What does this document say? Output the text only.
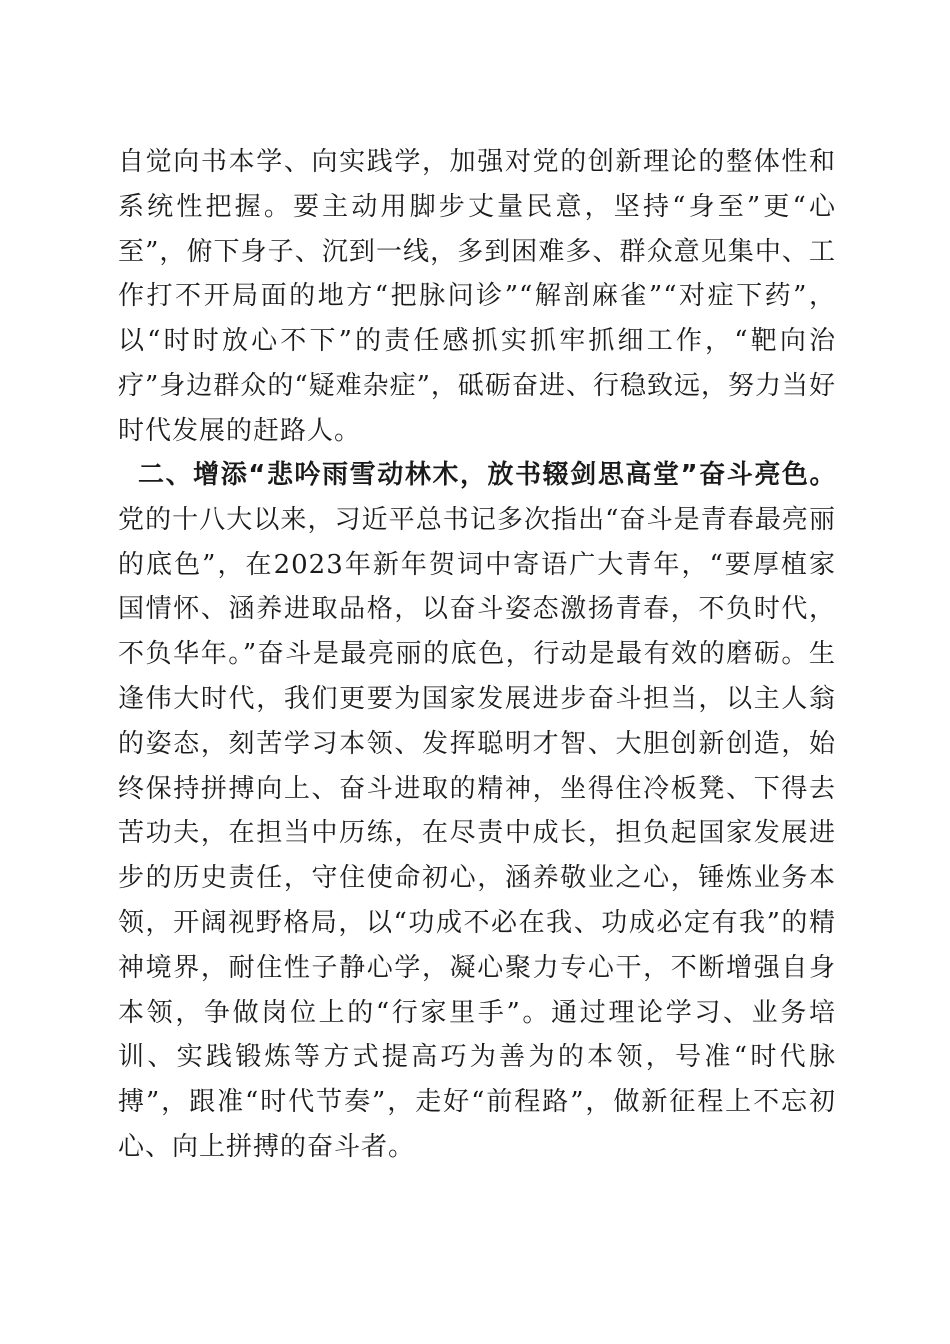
自觉向书本学、向实践学，加强对党的创新理论的整体性和系统性把握。要主动用脚步丈量民意，坚持“身至”更“心至”，俯下身子、沉到一线，多到困难多、群众意见集中、工作打不开局面的地方“把脉问诊”“解剖麻雀”“对症下药”，以“时时放心不下”的责任感抓实抓牢抓细工作，“靶向治疗”身边群众的“疑难杂症”，砥砺奋进、行稳致远，努力当好时代发展的赶路人。

二、增添“悲吟雨雪动林木，放书辍剑思高堂”奋斗亮色。党的十八大以来，习近平总书记多次指出“奋斗是青春最亮丽的底色”，在2023年新年贺词中寄语广大青年，“要厚植家国情怀、涵养进取品格，以奋斗姿态激扬青春，不负时代，不负华年。”奋斗是最亮丽的底色，行动是最有效的磨砺。生逢伟大时代，我们更要为国家发展进步奋斗担当，以主人翁的姿态，刻苦学习本领、发挥聪明才智、大胆创新创造，始终保持拼搏向上、奋斗进取的精神，坐得住冷板凳、下得去苦功夫，在担当中历练，在尽责中成长，担负起国家发展进步的历史责任，守住使命初心，涵养敬业之心，锤炼业务本领，开阔视野格局，以“功成不必在我、功成必定有我”的精神境界，耐住性子静心学，凝心聚力专心干，不断增强自身本领，争做岗位上的“行家里手”。通过理论学习、业务培训、实践锻炼等方式提高巧为善为的本领，号准“时代脉搏”，跟准“时代节奏”，走好“前程路”，做新征程上不忘初心、向上拼搏的奋斗者。
